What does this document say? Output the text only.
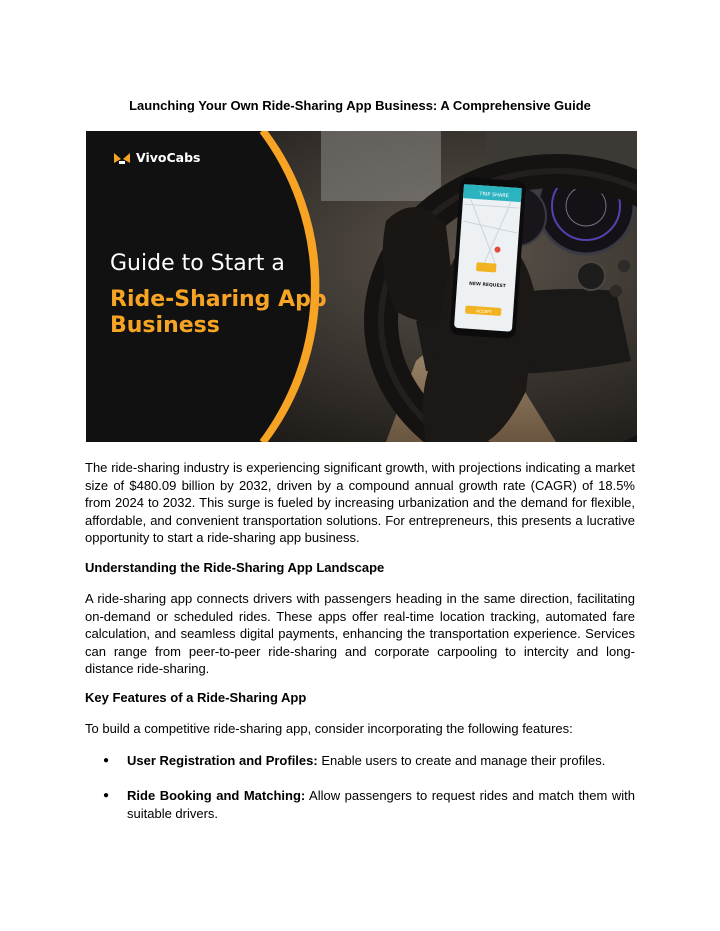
Launching Your Own Ride-Sharing App Business: A Comprehensive Guide
TRIP SHARE
NEW REQUEST
ACCEPT
VivoCabs
Guide to Start a
Ride-Sharing App
Business

The ride-sharing industry is experiencing significant growth, with projections indicating a market size of $480.09 billion by 2032, driven by a compound annual growth rate (CAGR) of 18.5% from 2024 to 2032. This surge is fueled by increasing urbanization and the demand for flexible, affordable, and convenient transportation solutions. For entrepreneurs, this presents a lucrative opportunity to start a ride-sharing app business.

Understanding the Ride-Sharing App Landscape

A ride-sharing app connects drivers with passengers heading in the same direction, facilitating on-demand or scheduled rides. These apps offer real-time location tracking, automated fare calculation, and seamless digital payments, enhancing the transportation experience. Services can range from peer-to-peer ride-sharing and corporate carpooling to intercity and long-distance ride-sharing.

Key Features of a Ride-Sharing App

To build a competitive ride-sharing app, consider incorporating the following features:

● User Registration and Profiles: Enable users to create and manage their profiles.
● Ride Booking and Matching: Allow passengers to request rides and match them with suitable drivers.
